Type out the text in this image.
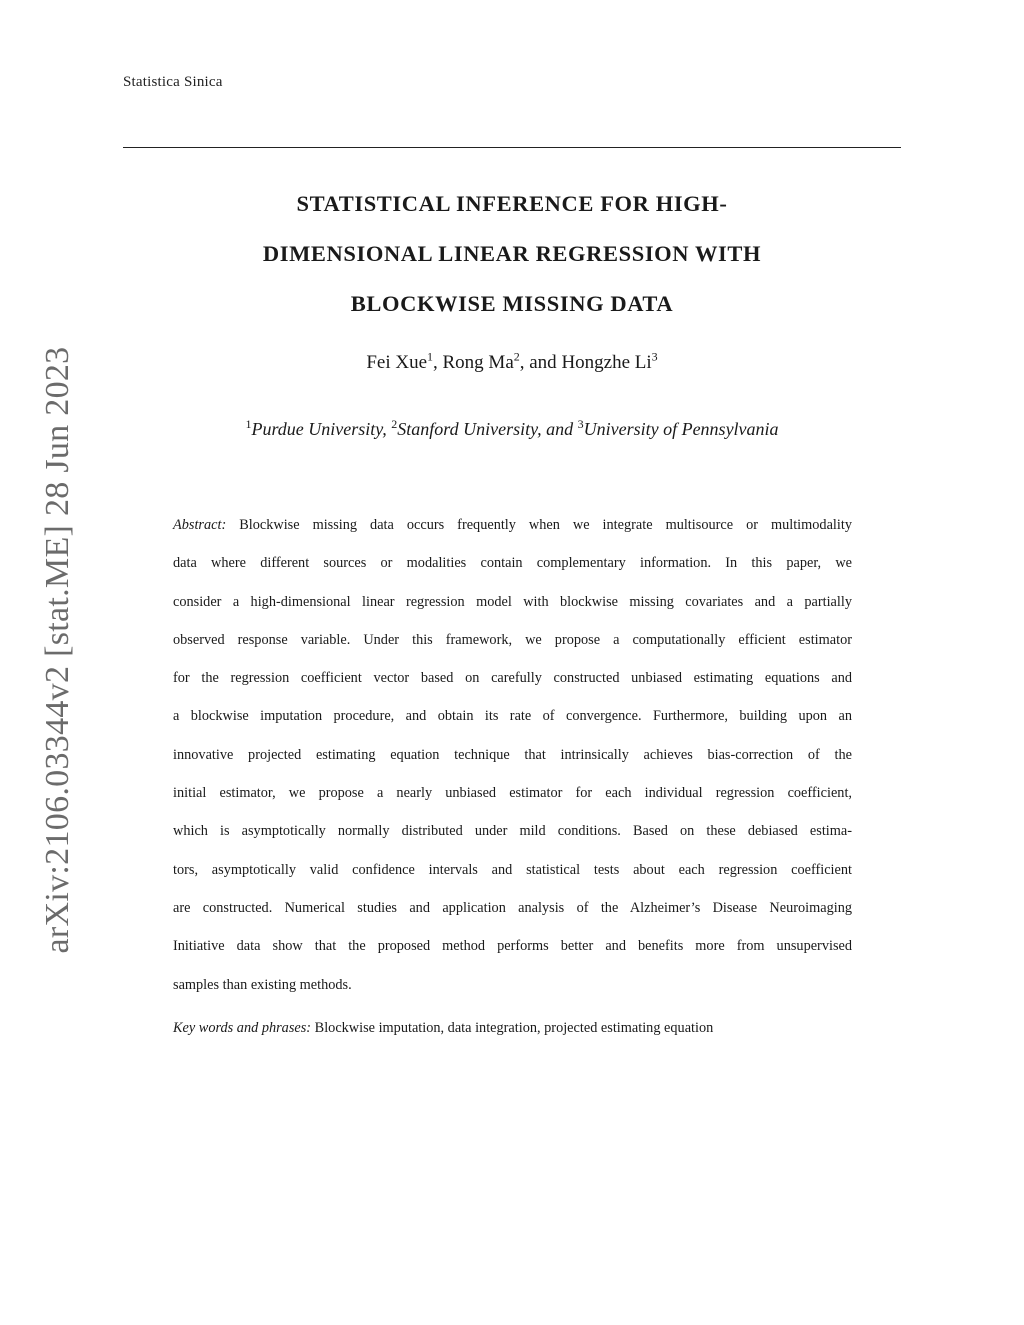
Statistica Sinica
arXiv:2106.03344v2 [stat.ME] 28 Jun 2023
STATISTICAL INFERENCE FOR HIGH-
DIMENSIONAL LINEAR REGRESSION WITH
BLOCKWISE MISSING DATA
Fei Xue$^1$, Rong Ma$^2$, and Hongzhe Li$^3$
$^1$Purdue University, $^2$Stanford University, and $^3$University of Pennsylvania
Abstract: Blockwise missing data occurs frequently when we integrate multisource or multimodality
data where different sources or modalities contain complementary information. In this paper, we
consider a high-dimensional linear regression model with blockwise missing covariates and a partially
observed response variable. Under this framework, we propose a computationally efficient estimator
for the regression coefficient vector based on carefully constructed unbiased estimating equations and
a blockwise imputation procedure, and obtain its rate of convergence. Furthermore, building upon an
innovative projected estimating equation technique that intrinsically achieves bias-correction of the
initial estimator, we propose a nearly unbiased estimator for each individual regression coefficient,
which is asymptotically normally distributed under mild conditions. Based on these debiased estima-
tors, asymptotically valid confidence intervals and statistical tests about each regression coefficient
are constructed. Numerical studies and application analysis of the Alzheimer’s Disease Neuroimaging
Initiative data show that the proposed method performs better and benefits more from unsupervised
samples than existing methods.
Key words and phrases: Blockwise imputation, data integration, projected estimating equation
